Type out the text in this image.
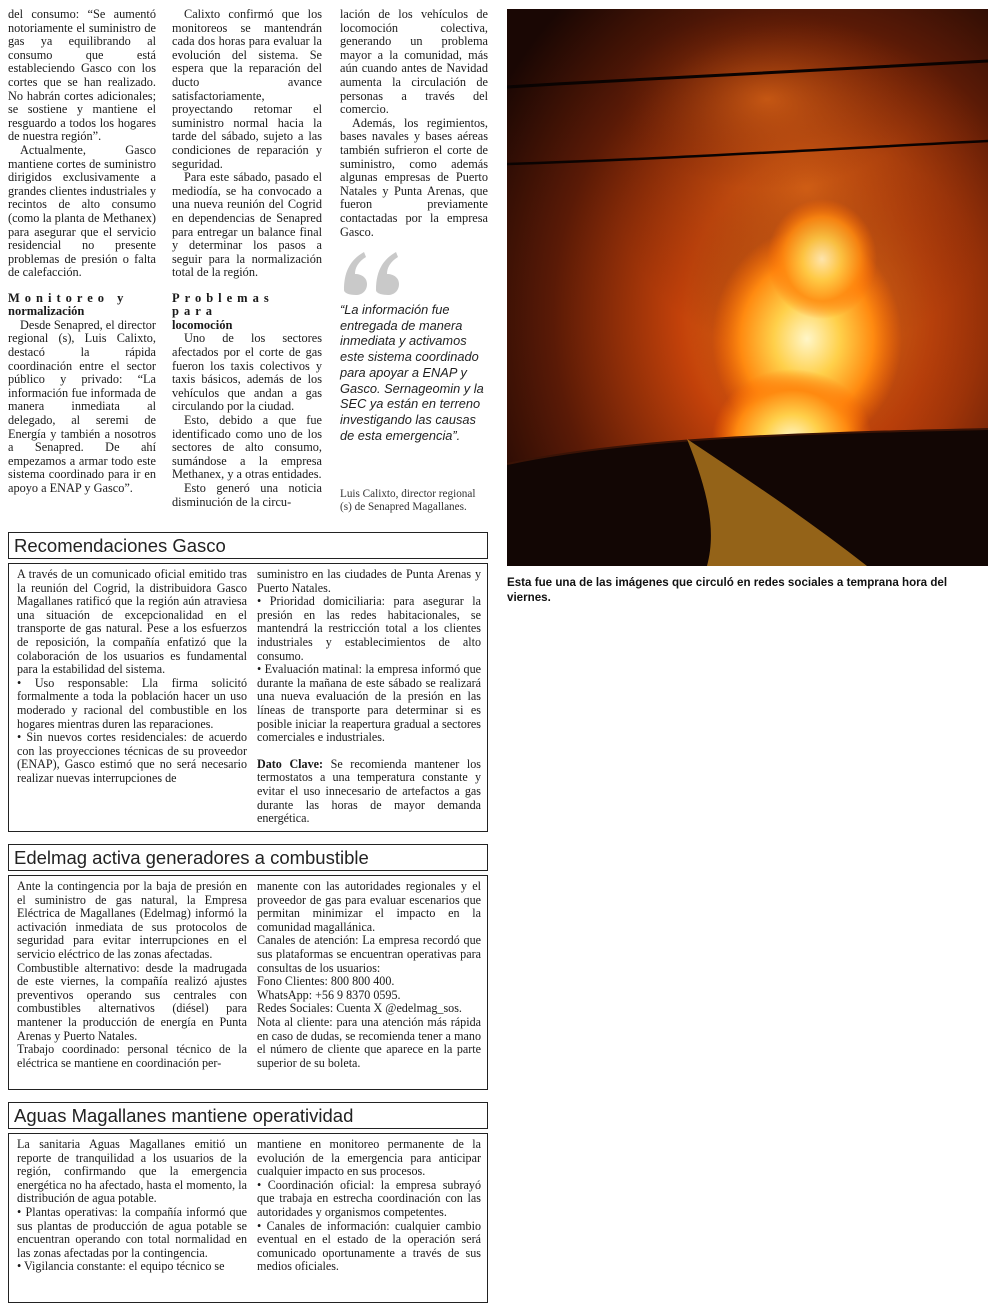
del consumo: “Se aumentó notoriamente el suministro de gas ya equilibrando al consumo que está estableciendo Gasco con los cortes que se han realizado. No habrán cortes adicionales; se sostiene y mantiene el resguardo a todos los hogares de nuestra región”.

Actualmente, Gasco mantiene cortes de suministro dirigidos exclusivamente a grandes clientes industriales y recintos de alto consumo (como la planta de Methanex) para asegurar que el servicio residencial no presente problemas de presión o falta de calefacción.

Monitoreo y
normalización

Desde Senapred, el director regional (s), Luis Calixto, destacó la rápida coordinación entre el sector público y privado: “La información fue informada de manera inmediata al delegado, al seremi de Energía y también a nosotros a Senapred. De ahí empezamos a armar todo este sistema coordinado para ir en apoyo a ENAP y Gasco”.

Calixto confirmó que los monitoreos se mantendrán cada dos horas para evaluar la evolución del sistema. Se espera que la reparación del ducto avance satisfactoriamente, proyectando retomar el suministro normal hacia la tarde del sábado, sujeto a las condiciones de reparación y seguridad.

Para este sábado, pasado el mediodía, se ha convocado a una nueva reunión del Cogrid en dependencias de Senapred para entregar un balance final y determinar los pasos a seguir para la normalización total de la región.

Problemas para
locomoción

Uno de los sectores afectados por el corte de gas fueron los taxis colectivos y taxis básicos, además de los vehículos que andan a gas circulando por la ciudad.

Esto, debido a que fue identificado como uno de los sectores de alto consumo, sumándose a la empresa Methanex, y a otras entidades.

Esto generó una noticia disminución de la circu-

lación de los vehículos de locomoción colectiva, generando un problema mayor a la comunidad, más aún cuando antes de Navidad aumenta la circulación de personas a través del comercio.

Además, los regimientos, bases navales y bases aéreas también sufrieron el corte de suministro, como además algunas empresas de Puerto Natales y Punta Arenas, que fueron previamente contactadas por la empresa Gasco.

“La información fue entregada de manera inmediata y activamos este sistema coordinado para apoyar a ENAP y Gasco. Sernageomin y la SEC ya están en terreno investigando las causas de esta emergencia”.
Luis Calixto, director regional (s) de Senapred Magallanes.
Esta fue una de las imágenes que circuló en redes sociales a temprana hora del viernes.
Recomendaciones Gasco

A través de un comunicado oficial emitido tras la reunión del Cogrid, la distribuidora Gasco Magallanes ratificó que la región aún atraviesa una situación de excepcionalidad en el transporte de gas natural. Pese a los esfuerzos de reposición, la compañía enfatizó que la colaboración de los usuarios es fundamental para la estabilidad del sistema.

• Uso responsable: Lla firma solicitó formalmente a toda la población hacer un uso moderado y racional del combustible en los hogares mientras duren las reparaciones.

• Sin nuevos cortes residenciales: de acuerdo con las proyecciones técnicas de su proveedor (ENAP), Gasco estimó que no será necesario realizar nuevas interrupciones de

suministro en las ciudades de Punta Arenas y Puerto Natales.

• Prioridad domiciliaria: para asegurar la presión en las redes habitacionales, se mantendrá la restricción total a los clientes industriales y establecimientos de alto consumo.

• Evaluación matinal: la empresa informó que durante la mañana de este sábado se realizará una nueva evaluación de la presión en las líneas de transporte para determinar si es posible iniciar la reapertura gradual a sectores comerciales e industriales.

Dato Clave: Se recomienda mantener los termostatos a una temperatura constante y evitar el uso innecesario de artefactos a gas durante las horas de mayor demanda energética.

Edelmag activa generadores a combustible

Ante la contingencia por la baja de presión en el suministro de gas natural, la Empresa Eléctrica de Magallanes (Edelmag) informó la activación inmediata de sus protocolos de seguridad para evitar interrupciones en el servicio eléctrico de las zonas afectadas.

Combustible alternativo: desde la madrugada de este viernes, la compañía realizó ajustes preventivos operando sus centrales con combustibles alternativos (diésel) para mantener la producción de energía en Punta Arenas y Puerto Natales.

Trabajo coordinado: personal técnico de la eléctrica se mantiene en coordinación per-

manente con las autoridades regionales y el proveedor de gas para evaluar escenarios que permitan minimizar el impacto en la comunidad magallánica.

Canales de atención: La empresa recordó que sus plataformas se encuentran operativas para consultas de los usuarios:

Fono Clientes: 800 800 400.

WhatsApp: +56 9 8370 0595.

Redes Sociales: Cuenta X @edelmag_sos.

Nota al cliente: para una atención más rápida en caso de dudas, se recomienda tener a mano el número de cliente que aparece en la parte superior de su boleta.

Aguas Magallanes mantiene operatividad

La sanitaria Aguas Magallanes emitió un reporte de tranquilidad a los usuarios de la región, confirmando que la emergencia energética no ha afectado, hasta el momento, la distribución de agua potable.

• Plantas operativas: la compañía informó que sus plantas de producción de agua potable se encuentran operando con total normalidad en las zonas afectadas por la contingencia.

• Vigilancia constante: el equipo técnico se

mantiene en monitoreo permanente de la evolución de la emergencia para anticipar cualquier impacto en sus procesos.

• Coordinación oficial: la empresa subrayó que trabaja en estrecha coordinación con las autoridades y organismos competentes.

• Canales de información: cualquier cambio eventual en el estado de la operación será comunicado oportunamente a través de sus medios oficiales.
